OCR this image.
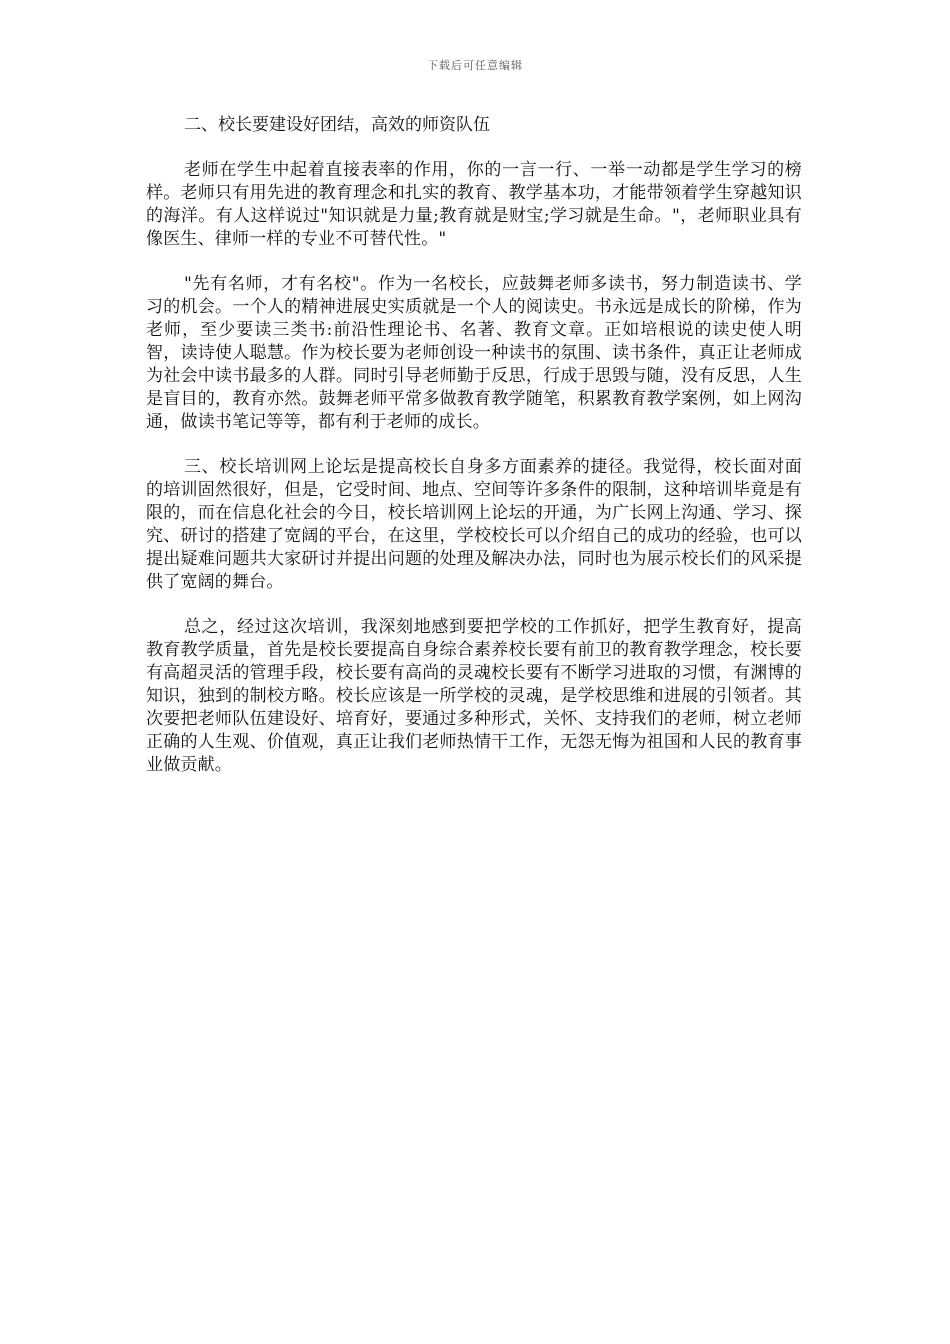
下载后可任意编辑

二、校长要建设好团结，高效的师资队伍

老师在学生中起着直接表率的作用，你的一言一行、一举一动都是学生学习的榜样。老师只有用先进的教育理念和扎实的教育、教学基本功，才能带领着学生穿越知识的海洋。有人这样说过"知识就是力量;教育就是财宝;学习就是生命。"，老师职业具有像医生、律师一样的专业不可替代性。"

"先有名师，才有名校"。作为一名校长，应鼓舞老师多读书，努力制造读书、学习的机会。一个人的精神进展史实质就是一个人的阅读史。书永远是成长的阶梯，作为老师，至少要读三类书:前沿性理论书、名著、教育文章。正如培根说的读史使人明智，读诗使人聪慧。作为校长要为老师创设一种读书的氛围、读书条件，真正让老师成为社会中读书最多的人群。同时引导老师勤于反思，行成于思毁与随，没有反思，人生是盲目的，教育亦然。鼓舞老师平常多做教育教学随笔，积累教育教学案例，如上网沟通，做读书笔记等等，都有利于老师的成长。

三、校长培训网上论坛是提高校长自身多方面素养的捷径。我觉得，校长面对面的培训固然很好，但是，它受时间、地点、空间等许多条件的限制，这种培训毕竟是有限的，而在信息化社会的今日，校长培训网上论坛的开通，为广长网上沟通、学习、探究、研讨的搭建了宽阔的平台，在这里，学校校长可以介绍自己的成功的经验，也可以提出疑难问题共大家研讨并提出问题的处理及解决办法，同时也为展示校长们的风采提供了宽阔的舞台。

总之，经过这次培训，我深刻地感到要把学校的工作抓好，把学生教育好，提高教育教学质量，首先是校长要提高自身综合素养校长要有前卫的教育教学理念，校长要有高超灵活的管理手段，校长要有高尚的灵魂校长要有不断学习进取的习惯，有渊博的知识，独到的制校方略。校长应该是一所学校的灵魂，是学校思维和进展的引领者。其次要把老师队伍建设好、培育好，要通过多种形式，关怀、支持我们的老师，树立老师正确的人生观、价值观，真正让我们老师热情干工作，无怨无悔为祖国和人民的教育事业做贡献。
